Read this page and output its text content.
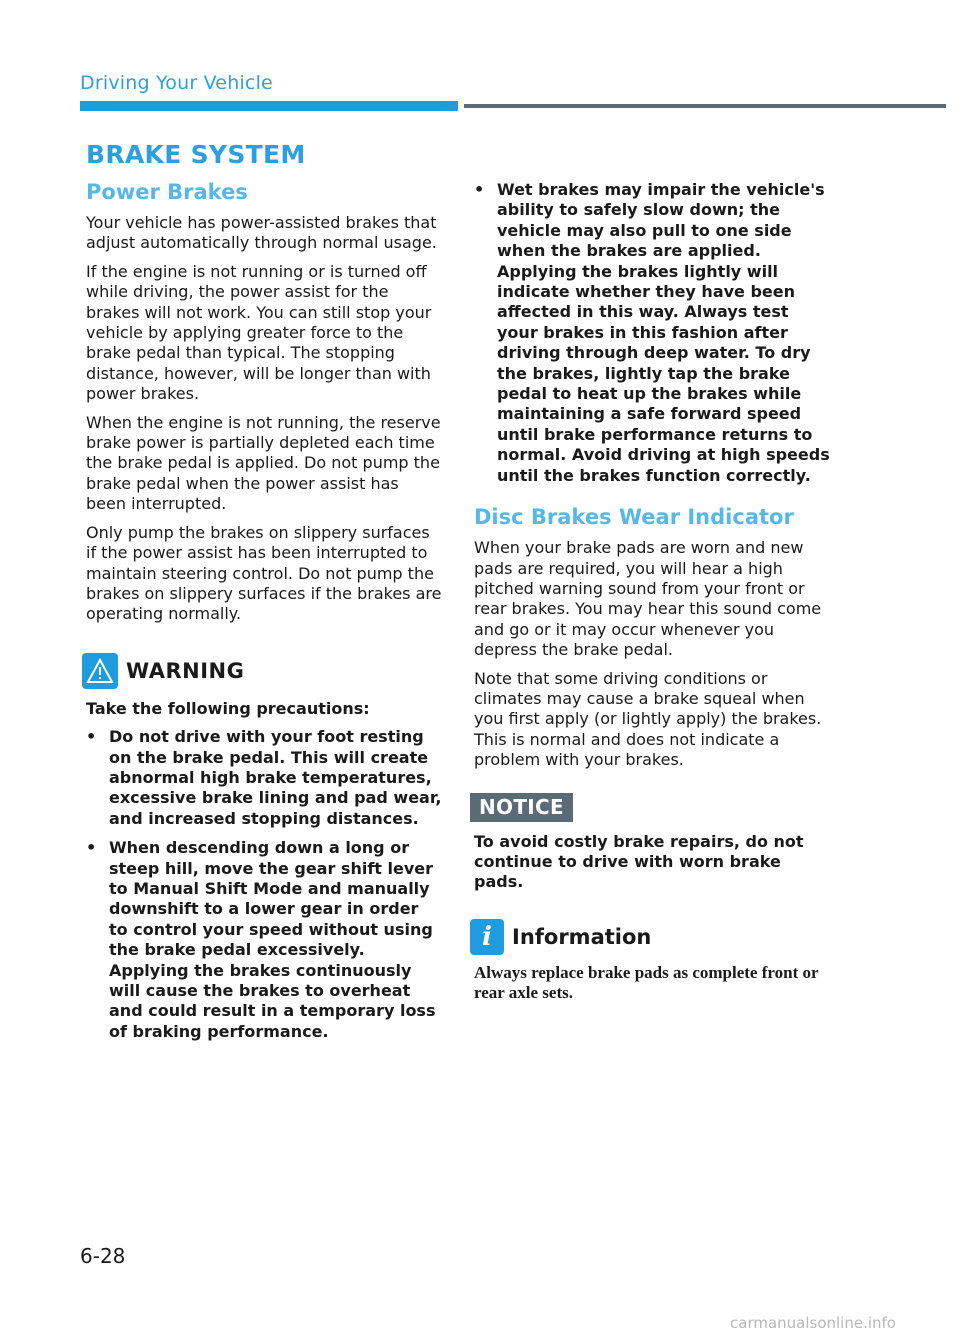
Driving Your Vehicle
BRAKE SYSTEM
Power Brakes

Your vehicle has power-assisted brakes that adjust automatically through normal usage.

If the engine is not running or is turned off while driving, the power assist for the brakes will not work. You can still stop your vehicle by applying greater force to the brake pedal than typical. The stopping distance, however, will be longer than with power brakes.

When the engine is not running, the reserve brake power is partially depleted each time the brake pedal is applied. Do not pump the brake pedal when the power assist has been interrupted.

Only pump the brakes on slippery surfaces if the power assist has been interrupted to maintain steering control. Do not pump the brakes on slippery surfaces if the brakes are operating normally.

WARNING

Take the following precautions:

• Do not drive with your foot resting on the brake pedal. This will create abnormal high brake temperatures, excessive brake lining and pad wear, and increased stopping distances.
• When descending down a long or steep hill, move the gear shift lever to Manual Shift Mode and manually downshift to a lower gear in order to control your speed without using the brake pedal excessively. Applying the brakes continuously will cause the brakes to overheat and could result in a temporary loss of braking performance.
• Wet brakes may impair the vehicle's ability to safely slow down; the vehicle may also pull to one side when the brakes are applied. Applying the brakes lightly will indicate whether they have been affected in this way. Always test your brakes in this fashion after driving through deep water. To dry the brakes, lightly tap the brake pedal to heat up the brakes while maintaining a safe forward speed until brake performance returns to normal. Avoid driving at high speeds until the brakes function correctly.
Disc Brakes Wear Indicator

When your brake pads are worn and new pads are required, you will hear a high pitched warning sound from your front or rear brakes. You may hear this sound come and go or it may occur whenever you depress the brake pedal.

Note that some driving conditions or climates may cause a brake squeal when you first apply (or lightly apply) the brakes. This is normal and does not indicate a problem with your brakes.

NOTICE

To avoid costly brake repairs, do not continue to drive with worn brake pads.

i Information

Always replace brake pads as complete front or rear axle sets.

6-28
carmanualsonline.info
